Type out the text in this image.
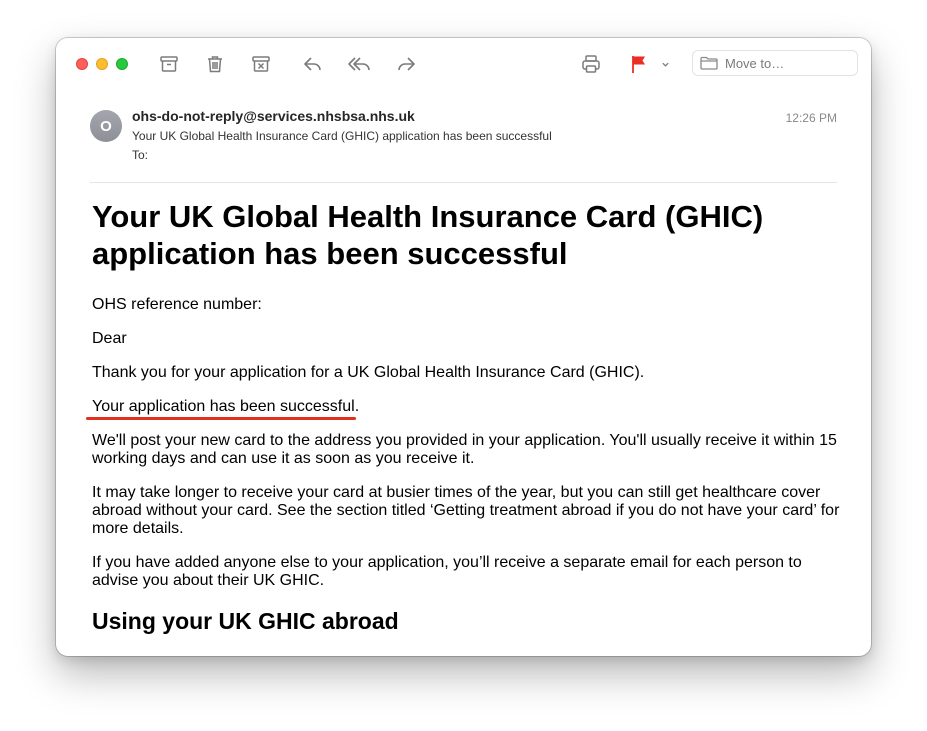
Move to…
O
ohs-do-not-reply@services.nhsbsa.nhs.uk
Your UK Global Health Insurance Card (GHIC) application has been successful
To:
12:26 PM
Your UK Global Health Insurance Card (GHIC) application has been successful

OHS reference number:

Dear

Thank you for your application for a UK Global Health Insurance Card (GHIC).

Your application has been successful.

We'll post your new card to the address you provided in your application. You'll usually receive it within 15 working days and can use it as soon as you receive it.

It may take longer to receive your card at busier times of the year, but you can still get healthcare cover abroad without your card. See the section titled ‘Getting treatment abroad if you do not have your card’ for more details.

If you have added anyone else to your application, you’ll receive a separate email for each person to advise you about their UK GHIC.

Using your UK GHIC abroad
